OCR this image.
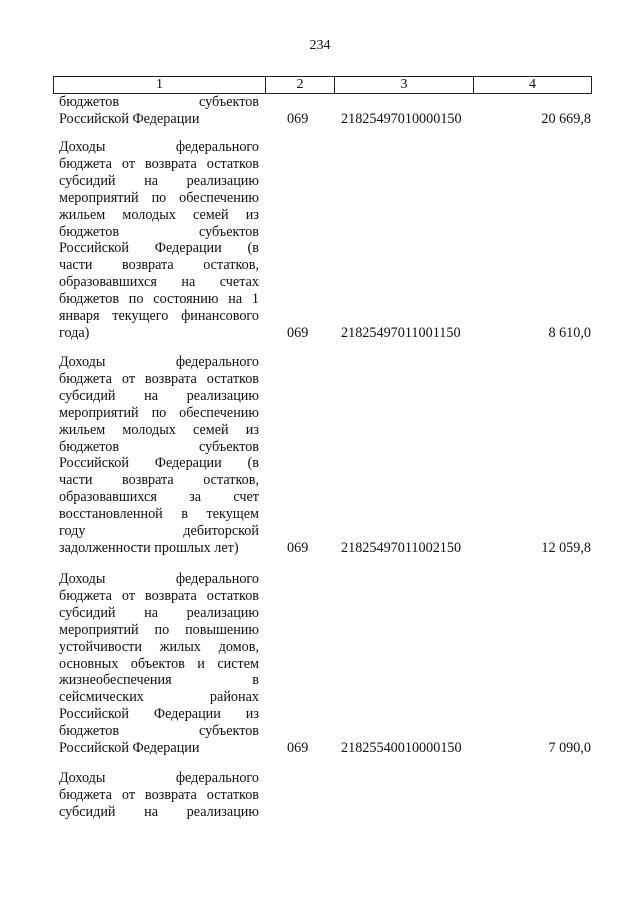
234
1	2	3	4
бюджетов субъектов
Российской Федерации	069	21825497010000150	20 669,8
Доходы федерального
бюджета от возврата остатков
субсидий на реализацию
мероприятий по обеспечению
жильем молодых семей из
бюджетов субъектов
Российской Федерации (в
части возврата остатков,
образовавшихся на счетах
бюджетов по состоянию на 1
января текущего финансового
года)	069	21825497011001150	8 610,0
Доходы федерального
бюджета от возврата остатков
субсидий на реализацию
мероприятий по обеспечению
жильем молодых семей из
бюджетов субъектов
Российской Федерации (в
части возврата остатков,
образовавшихся за счет
восстановленной в текущем
году дебиторской
задолженности прошлых лет)	069	21825497011002150	12 059,8
Доходы федерального
бюджета от возврата остатков
субсидий на реализацию
мероприятий по повышению
устойчивости жилых домов,
основных объектов и систем
жизнеобеспечения в
сейсмических районах
Российской Федерации из
бюджетов субъектов
Российской Федерации	069	21825540010000150	7 090,0
Доходы федерального
бюджета от возврата остатков
субсидий на реализацию
